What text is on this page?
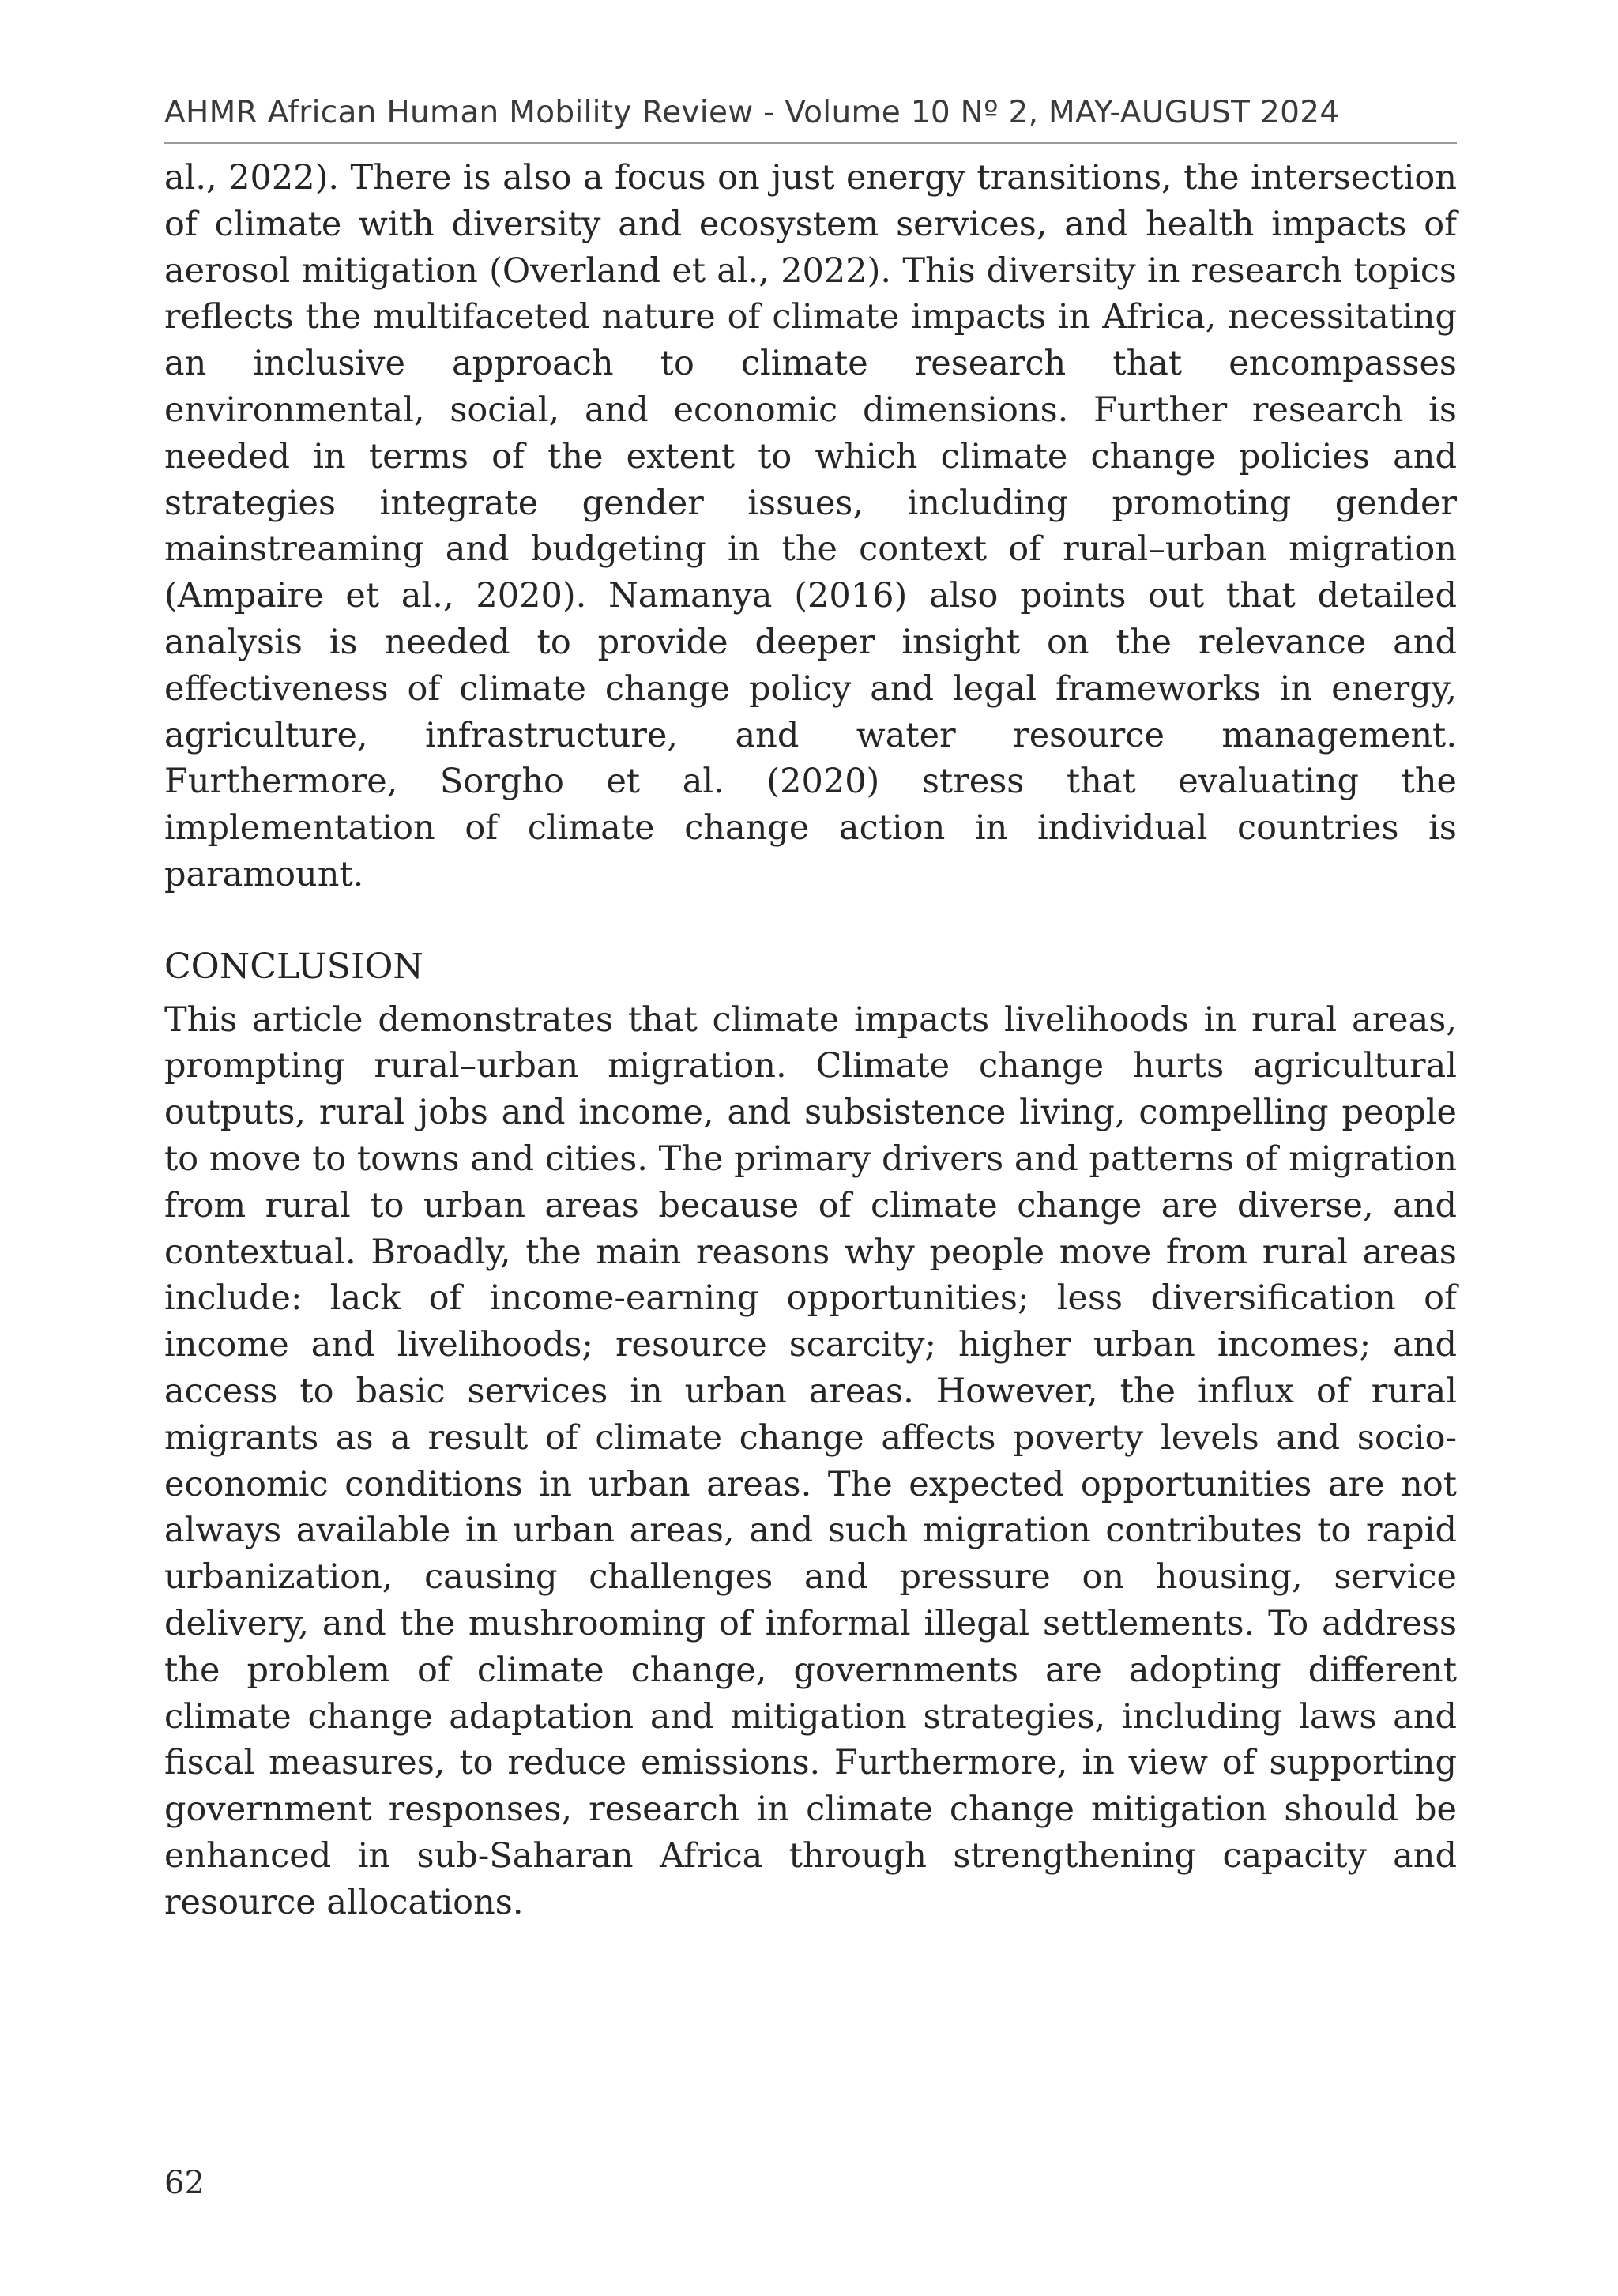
AHMR African Human Mobility Review - Volume 10 Nº 2, MAY-AUGUST 2024

al., 2022). There is also a focus on just energy transitions, the intersection of climate with diversity and ecosystem services, and health impacts of aerosol mitigation (Overland et al., 2022). This diversity in research topics reflects the multifaceted nature of climate impacts in Africa, necessitating an inclusive approach to climate research that encompasses environmental, social, and economic dimensions. Further research is needed in terms of the extent to which climate change policies and strategies integrate gender issues, including promoting gender mainstreaming and budgeting in the context of rural–urban migration (Ampaire et al., 2020). Namanya (2016) also points out that detailed analysis is needed to provide deeper insight on the relevance and effectiveness of climate change policy and legal frameworks in energy, agriculture, infrastructure, and water resource management. Furthermore, Sorgho et al. (2020) stress that evaluating the implementation of climate change action in individual countries is paramount.

CONCLUSION

This article demonstrates that climate impacts livelihoods in rural areas, prompting rural–urban migration. Climate change hurts agricultural outputs, rural jobs and income, and subsistence living, compelling people to move to towns and cities. The primary drivers and patterns of migration from rural to urban areas because of climate change are diverse, and contextual. Broadly, the main reasons why people move from rural areas include: lack of income-earning opportunities; less diversification of income and livelihoods; resource scarcity; higher urban incomes; and access to basic services in urban areas. However, the influx of rural migrants as a result of climate change affects poverty levels and socio-economic conditions in urban areas. The expected opportunities are not always available in urban areas, and such migration contributes to rapid urbanization, causing challenges and pressure on housing, service delivery, and the mushrooming of informal illegal settlements. To address the problem of climate change, governments are adopting different climate change adaptation and mitigation strategies, including laws and fiscal measures, to reduce emissions. Furthermore, in view of supporting government responses, research in climate change mitigation should be enhanced in sub-Saharan Africa through strengthening capacity and resource allocations.

62
